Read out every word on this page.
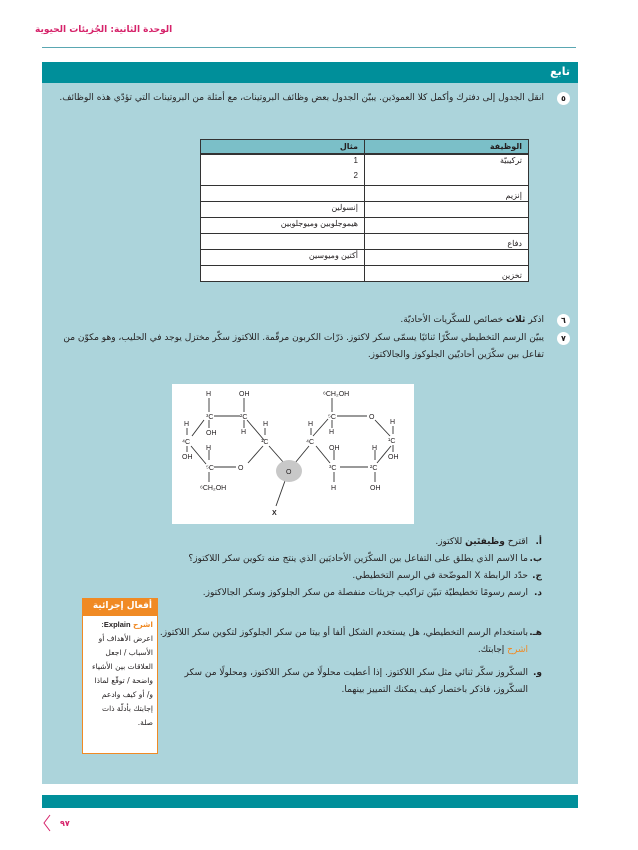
الوحدة الثانية: الجُزيئات الحيوية
تابع
٥
انقل الجدول إلى دفترك وأكمل كلا العمودَين. يبيّن الجدول بعض وظائف البروتينات، مع أمثلة من البروتينات التي تؤدّي هذه الوظائف.
الوظيفة	مثال
تركيبيّة	1
	2
إنزيم	
	إنسولين
	هيموجلوبين وميوجلوبين
دفاع	
	أكتين وميوسين
تخزين	
٦
اذكر ثلاث خصائص للسكّريات الأحاديّة.
٧
يبيّن الرسم التخطيطي سكّرًا ثنائيًا يسمّى سكر لاكتوز. ذرّات الكربون مرقّمة. اللاكتوز سكّر مختزل يوجد في الحليب، وهو مكوّن من تفاعل بين سكّرَين أحاديّين الجلوكوز والجالاكتوز.
H	OH
³C	²C
H
H
OH
⁴C
OH
H
⁵C	O
⁶CH₂OH
H
¹C
O
X
⁶CH₂OH
⁵C
H
O
H
¹C
OH
H
⁴C
OH	H
³C	²C
H	OH
أ.
اقترح وظيفتَين للاكتوز.
ب.
ما الاسم الذي يطلق على التفاعل بين السكّرَين الأحاديَين الذي ينتج منه تكوين سكر اللاكتوز؟
ج.
حدّد الرابطة X الموضّحة في الرسم التخطيطي.
د.
ارسم رسومًا تخطيطيّة تبيّن تراكيب جزيئات منفصلة من سكر الجلوكوز وسكر الجالاكتوز.
هـ.
باستخدام الرسم التخطيطي، هل يستخدم الشكل ألفا أو بيتا من سكر الجلوكوز لتكوين سكر اللاكتوز. اشرح إجابتك.
و.
السكّروز سكّر ثنائي مثل سكر اللاكتوز. إذا أعطيت محلولًا من سكر اللاكتوز، ومحلولًا من سكر السكّروز، فاذكر باختصار كيف يمكنك التمييز بينهما.
أفعال إجرائية
اشرح Explain: اعرض الأهداف أو الأسباب / اجعل العلاقات بين الأشياء واضحة / توقّع لماذا و/ أو كيف وادعم إجابتك بأدلّة ذات صلة.
٩٧
